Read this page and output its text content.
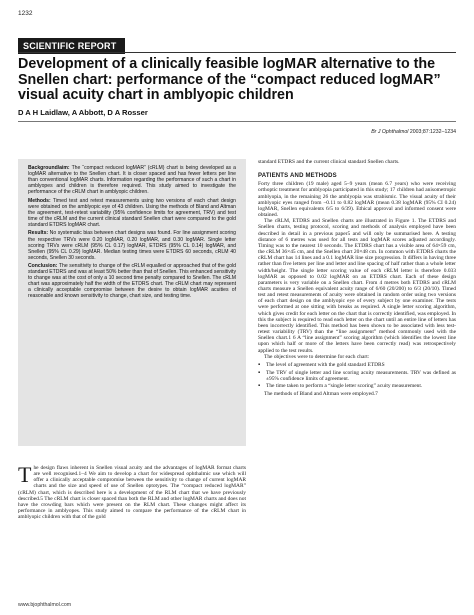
1232
SCIENTIFIC REPORT
Development of a clinically feasible logMAR alternative to the Snellen chart: performance of the “compact reduced logMAR” visual acuity chart in amblyopic children
D A H Laidlaw, A Abbott, D A Rosser
Br J Ophthalmol 2003;87:1232–1234

Background/aim: The “compact reduced logMAR” (cRLM) chart is being developed as a logMAR alternative to the Snellen chart. It is closer spaced and has fewer letters per line than conventional logMAR charts. Information regarding the performance of such a chart in amblyopes and children is therefore required. This study aimed to investigate the performance of the cRLM chart in amblyopic children.

Methods: Timed test and retest measurements using two versions of each chart design were obtained on the amblyopic eye of 43 children. Using the methods of Bland and Altman the agreement, test-retest variability (95% confidence limits for agreement, TRV) and test time of the cRLM and the current clinical standard Snellen chart were compared to the gold standard ETDRS logMAR chart.

Results: No systematic bias between chart designs was found. For line assignment scoring the respective TRVs were 0.20 logMAR, 0.20 logMAR, and 0.30 logMAR. Single letter scoring TRVs were cRLM (95% CL 0.17) logMAR, ETDRS (95% CL 0.14) logMAR, and Snellen (95% CL 0.29) logMAR. Median testing times were ETDRS 60 seconds, cRLM 40 seconds, Snellen 30 seconds.

Conclusion: The sensitivity to change of the cRLM equalled or approached that of the gold standard ETDRS and was at least 50% better than that of Snellen. This enhanced sensitivity to change was at the cost of only a 10 second time penalty compared to Snellen. The cRLM chart was approximately half the width of the ETDRS chart. The cRLM chart may represent a clinically acceptable compromise between the desire to obtain logMAR acuities of reasonable and known sensitivity to change, chart size, and testing time.

The design flaws inherent in Snellen visual acuity and the advantages of logMAR format charts are well recognised.1–4 We aim to develop a chart for widespread ophthalmic use which will offer a clinically acceptable compromise between the sensitivity to change of current logMAR charts and the size and speed of use of Snellen optotypes. The “compact reduced logMAR” (cRLM) chart, which is described here is a development of the RLM chart that we have previously described.5 The cRLM chart is closer spaced than both the RLM and other logMAR charts and does not have the crowding bars which were present on the RLM chart. These changes might affect its performance in amblyopes. This study aimed to compare the performance of the cRLM chart in amblyopic children with that of the gold

standard ETDRS and the current clinical standard Snellen charts.

PATIENTS AND METHODS

Forty three children (19 male) aged 5–9 years (mean 6.7 years) who were receiving orthoptic treatment for amblyopia participated in this study; 17 children had anisometropic amblyopia, in the remaining 26 the amblyopia was strabismic. The visual acuity of their amblyopic eyes ranged from −0.11 to 0.82 logMAR (mean 0.38 logMAR (95% CI 0.24) logMAR, Snellen equivalents 6/5 to 6/39). Ethical approval and informed consent were obtained.

The cRLM, ETDRS and Snellen charts are illustrated in Figure 1. The ETDRS and Snellen charts, testing protocol, scoring and methods of analysis employed have been described in detail in a previous paper5 and will only be summarised here. A testing distance of 6 metres was used for all tests and logMAR scores adjusted accordingly. Timing was to the nearest 10 seconds. The ETDRS chart has a visible area of 64×59 cm, the cRLM 36×45 cm, and the Snellen chart 20×48 cm. In common with ETDRS charts the cRLM chart has 14 lines and a 0.1 logMAR line size progression. It differs in having three rather than five letters per line and letter and line spacing of half rather than a whole letter width/height. The single letter scoring value of each cRLM letter is therefore 0.033 logMAR as opposed to 0.02 logMAR on an ETDRS chart. Each of these design parameters is very variable on a Snellen chart. From 4 metres both ETDRS and cRLM charts measure a Snellen equivalent acuity range of 6/60 (20/200) to 6/3 (20/10). Timed test and retest measurements of acuity were obtained in random order using two versions of each chart design on the amblyopic eye of every subject by one examiner. The tests were performed at one sitting with breaks as required. A single letter scoring algorithm, which gives credit for each letter on the chart that is correctly identified, was employed. In this the subject is required to read each letter on the chart until an entire line of letters has been incorrectly identified. This method has been shown to be associated with less test-retest variability (TRV) than the “line assignment” method commonly used with the Snellen chart.1 6 A “line assignment” scoring algorithm (which identifies the lowest line upon which half or more of the letters have been correctly read) was retrospectively applied to the test results.

The objectives were to determine for each chart:

▪ The level of agreement with the gold standard ETDRS
▪ The TRV of single letter and line scoring acuity measurements. TRV was defined as ±95% confidence limits of agreement.
▪ The time taken to perform a “single letter scoring” acuity measurement.

The methods of Bland and Altman were employed.7

www.bjophthalmol.com
